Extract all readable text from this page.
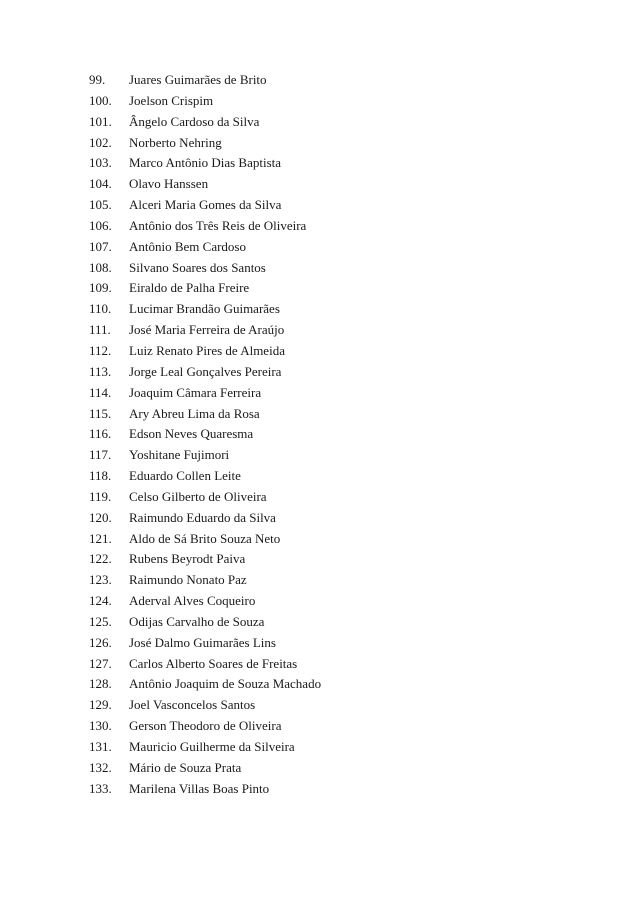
99.	Juares Guimarães de Brito
100.	Joelson Crispim
101.	Ângelo Cardoso da Silva
102.	Norberto Nehring
103.	Marco Antônio Dias Baptista
104.	Olavo Hanssen
105.	Alceri Maria Gomes da Silva
106.	Antônio dos Três Reis de Oliveira
107.	Antônio Bem Cardoso
108.	Silvano Soares dos Santos
109.	Eiraldo de Palha Freire
110.	Lucimar Brandão Guimarães
111.	José Maria Ferreira de Araújo
112.	Luiz Renato Pires de Almeida
113.	Jorge Leal Gonçalves Pereira
114.	Joaquim Câmara Ferreira
115.	Ary Abreu Lima da Rosa
116.	Edson Neves Quaresma
117.	Yoshitane Fujimori
118.	Eduardo Collen Leite
119.	Celso Gilberto de Oliveira
120.	Raimundo Eduardo da Silva
121.	Aldo de Sá Brito Souza Neto
122.	Rubens Beyrodt Paiva
123.	Raimundo Nonato Paz
124.	Aderval Alves Coqueiro
125.	Odijas Carvalho de Souza
126.	José Dalmo Guimarães Lins
127.	Carlos Alberto Soares de Freitas
128.	Antônio Joaquim de Souza Machado
129.	Joel Vasconcelos Santos
130.	Gerson Theodoro de Oliveira
131.	Mauricio Guilherme da Silveira
132.	Mário de Souza Prata
133.	Marilena Villas Boas Pinto
